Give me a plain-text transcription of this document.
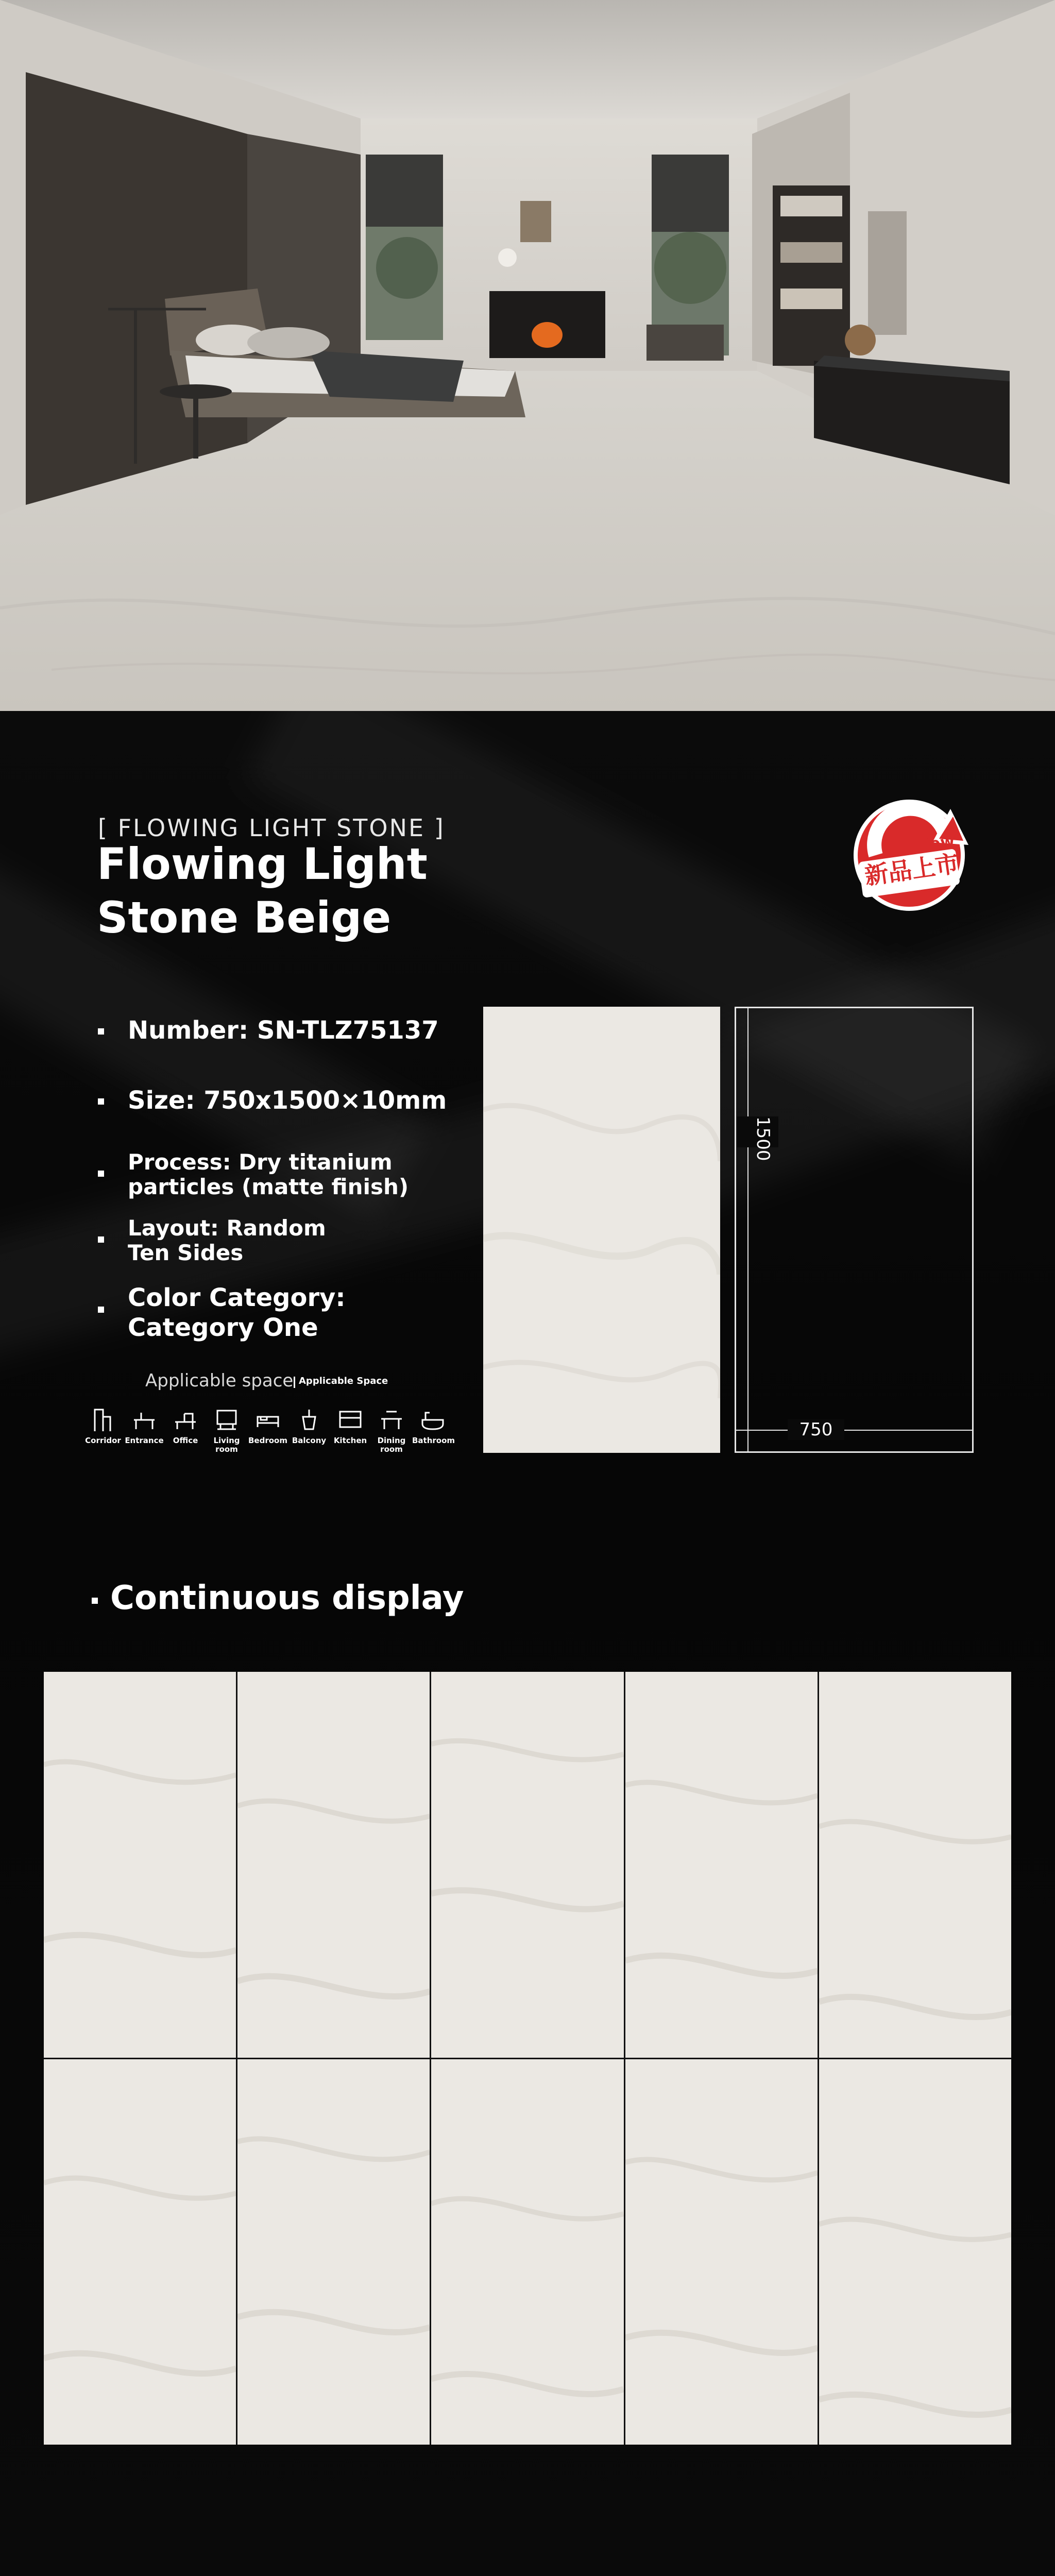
[ FLOWING LIGHT STONE ]
Flowing Light
Stone Beige
新品上市
New
Number: SN-TLZ75137
Size: 750x1500×10mm
Process: Dry titanium
particles (matte finish)
Layout: Random
Ten Sides
Color Category:
Category One
Applicable space Applicable Space
Corridor Entrance	Office	Living room
Bedroom Balcony Kitchen	Dining room
Bathroom
1500
750
Continuous display
